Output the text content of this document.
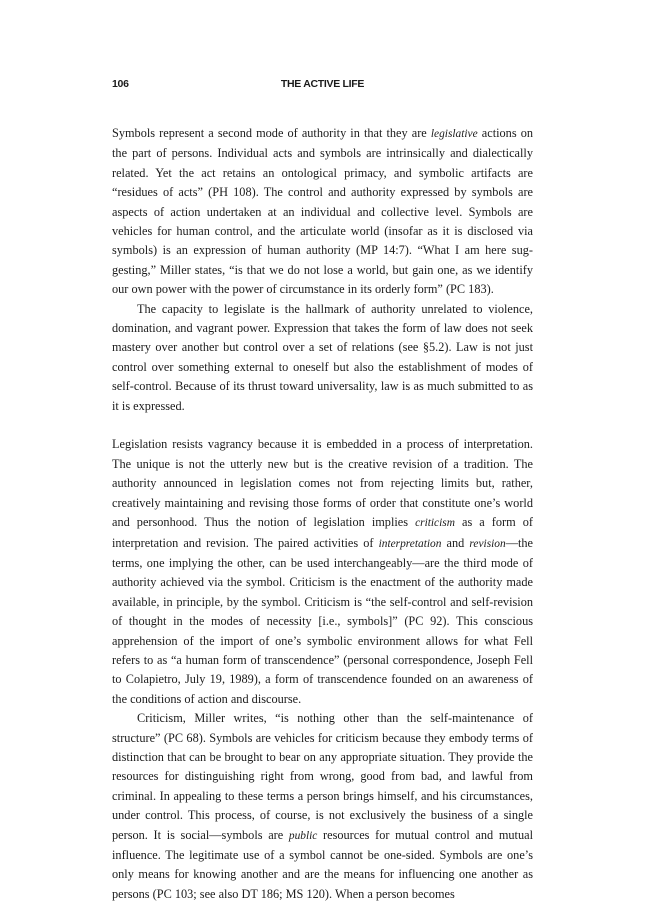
106	THE ACTIVE LIFE

Symbols represent a second mode of authority in that they are legislative actions on the part of persons. Individual acts and symbols are intrinsically and dialectically related. Yet the act retains an ontological primacy, and symbolic artifacts are “residues of acts” (PH 108). The control and authority expressed by symbols are aspects of action undertaken at an individual and collective level. Symbols are vehicles for human control, and the articulate world (insofar as it is disclosed via symbols) is an expression of human authority (MP 14:7). “What I am here suggesting,” Miller states, “is that we do not lose a world, but gain one, as we identify our own power with the power of circumstance in its orderly form” (PC 183).

The capacity to legislate is the hallmark of authority unrelated to violence, domination, and vagrant power. Expression that takes the form of law does not seek mastery over another but control over a set of relations (see §5.2). Law is not just control over something external to oneself but also the establishment of modes of self-control. Because of its thrust toward universality, law is as much submitted to as it is expressed.

Legislation resists vagrancy because it is embedded in a process of interpretation. The unique is not the utterly new but is the creative revision of a tradition. The authority announced in legislation comes not from rejecting limits but, rather, creatively maintaining and revising those forms of order that constitute one’s world and personhood. Thus the notion of legislation implies criticism as a form of interpretation and revision. The paired activities of interpretation and revision—the terms, one implying the other, can be used interchangeably—are the third mode of authority achieved via the symbol. Criticism is the enactment of the authority made available, in principle, by the symbol. Criticism is “the self-control and self-revision of thought in the modes of necessity [i.e., symbols]” (PC 92). This conscious apprehension of the import of one’s symbolic environment allows for what Fell refers to as “a human form of transcendence” (personal correspondence, Joseph Fell to Colapietro, July 19, 1989), a form of transcendence founded on an awareness of the conditions of action and discourse.

Criticism, Miller writes, “is nothing other than the self-maintenance of structure” (PC 68). Symbols are vehicles for criticism because they embody terms of distinction that can be brought to bear on any appropriate situation. They provide the resources for distinguishing right from wrong, good from bad, and lawful from criminal. In appealing to these terms a person brings himself, and his circumstances, under control. This process, of course, is not exclusively the business of a single person. It is social—symbols are public resources for mutual control and mutual influence. The legitimate use of a symbol cannot be one-sided. Symbols are one’s only means for knowing another and are the means for influencing one another as persons (PC 103; see also DT 186; MS 120). When a person becomes
